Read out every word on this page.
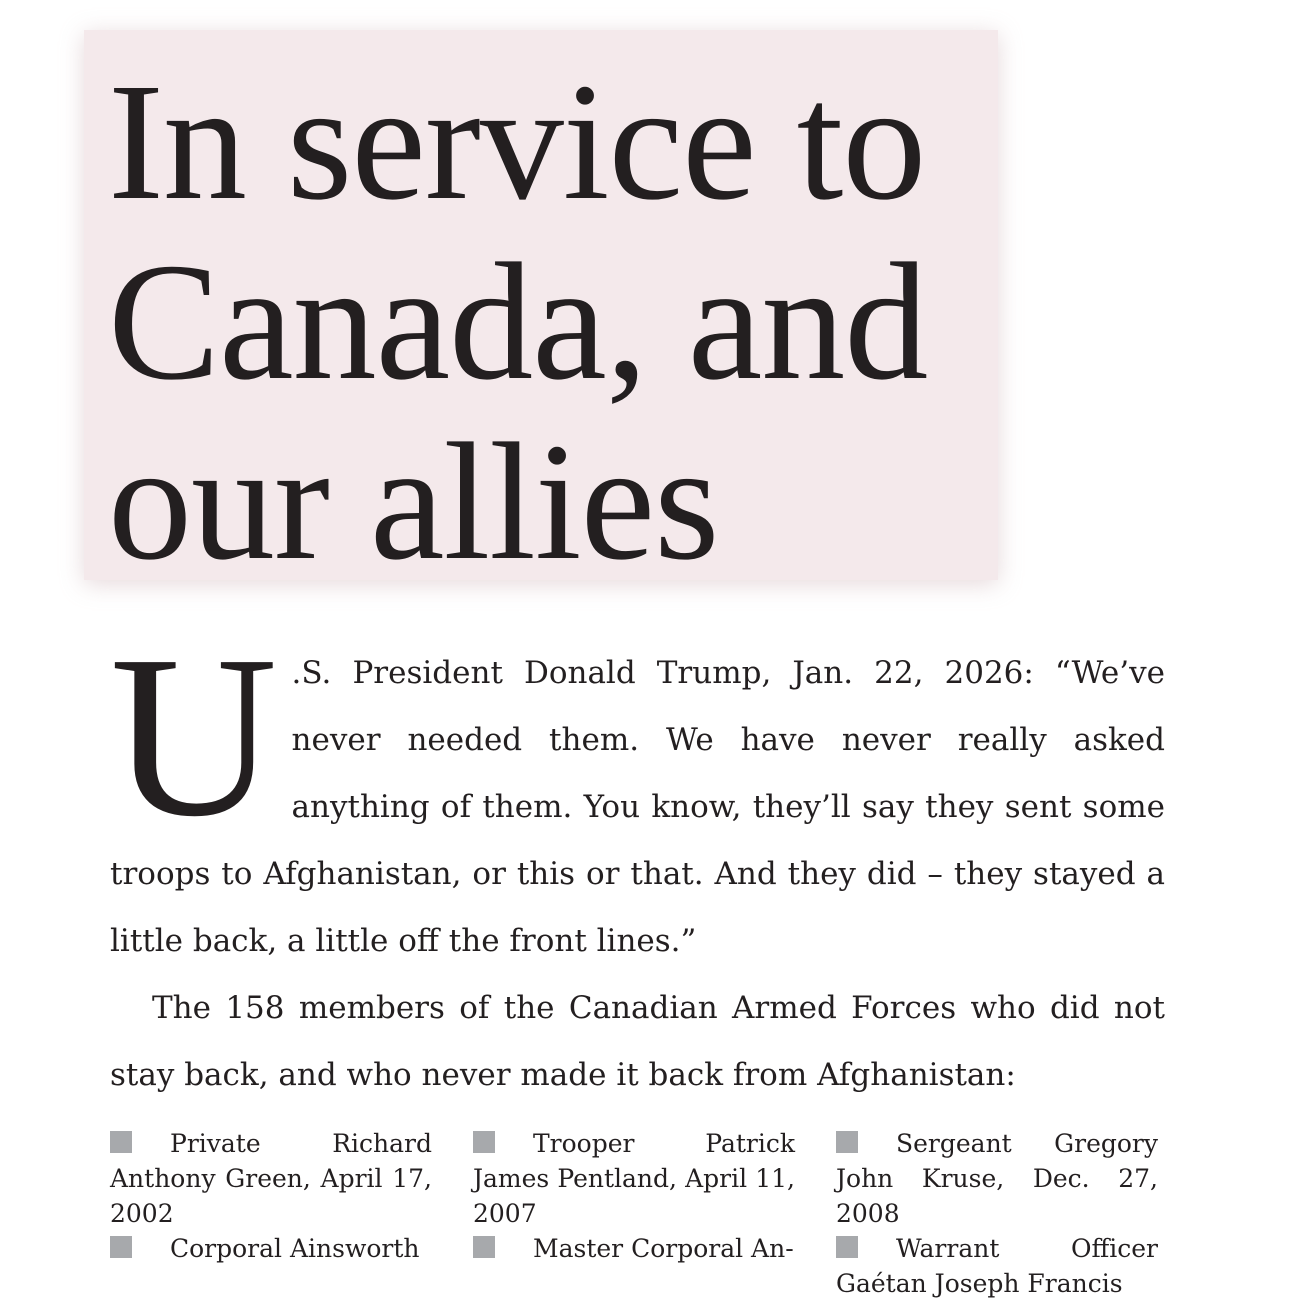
In service to
Canada, and
our allies

U .S. President Donald Trump, Jan. 22, 2026: “We’ve never needed them. We have never really asked anything of them. You know, they’ll say they sent some troops to Afghanistan, or this or that. And they did – they stayed a little back, a little off the front lines.”

The 158 members of the Canadian Armed Forces who did not stay back, and who never made it back from Afghanistan:

Private Richard Anthony Green, April 17, 2002

Corporal Ainsworth

Trooper Patrick James Pentland, April 11, 2007

Master Corporal An-

Sergeant Gregory John Kruse, Dec. 27, 2008

Warrant Officer Gaétan Joseph Francis
